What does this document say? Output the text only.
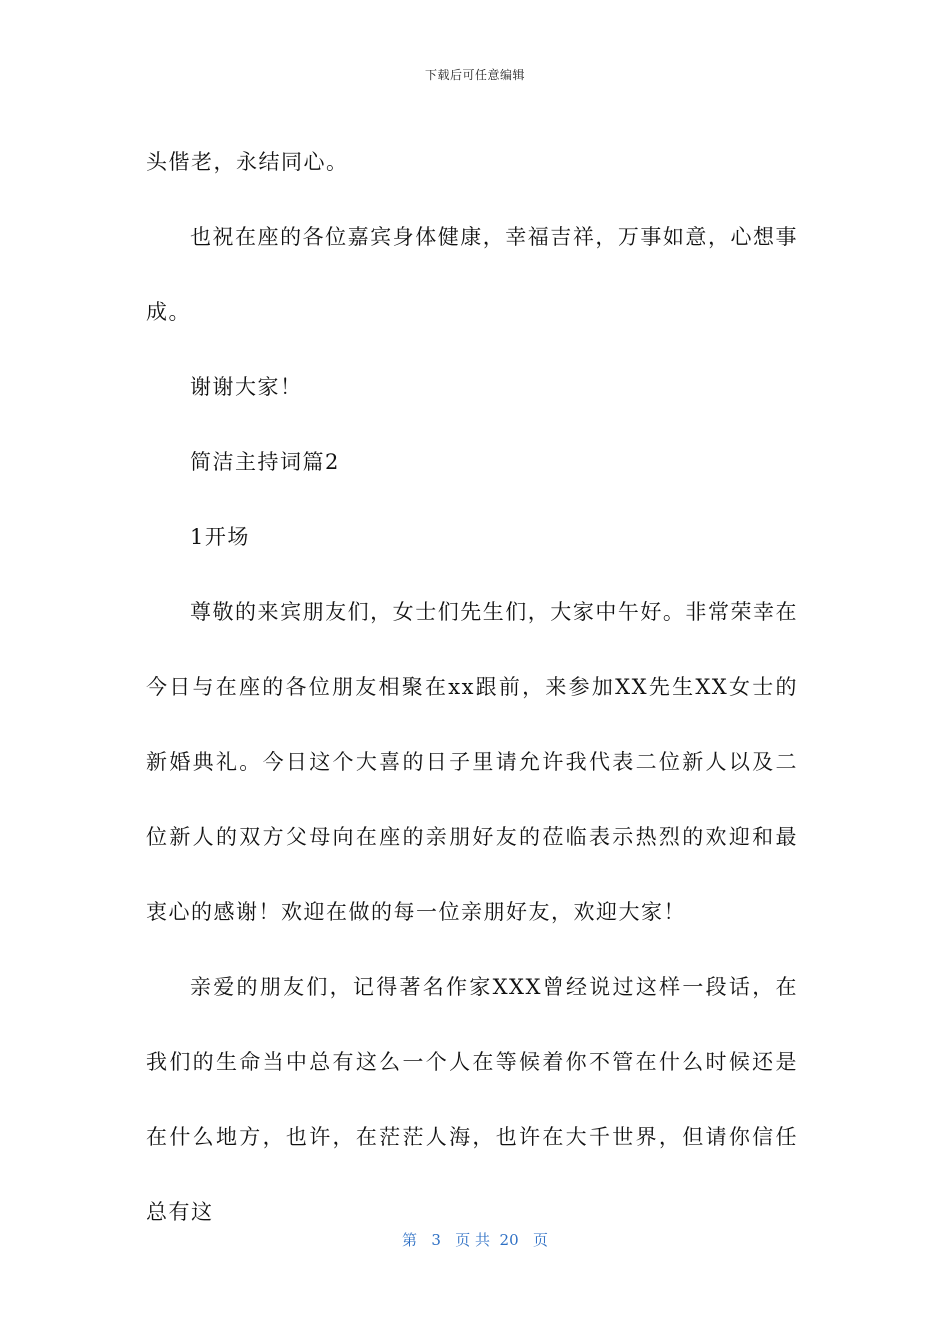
下载后可任意编辑

头偕老，永结同心。

也祝在座的各位嘉宾身体健康，幸福吉祥，万事如意，心想事成。

谢谢大家！

简洁主持词篇2

1开场

尊敬的来宾朋友们，女士们先生们，大家中午好。非常荣幸在今日与在座的各位朋友相聚在xx跟前，来参加XX先生XX女士的新婚典礼。今日这个大喜的日子里请允许我代表二位新人以及二位新人的双方父母向在座的亲朋好友的莅临表示热烈的欢迎和最衷心的感谢！欢迎在做的每一位亲朋好友，欢迎大家！

亲爱的朋友们，记得著名作家XXX曾经说过这样一段话，在我们的生命当中总有这么一个人在等候着你不管在什么时候还是在什么地方，也许，在茫茫人海，也许在大千世界，但请你信任总有这

第 3 页 共 20 页
